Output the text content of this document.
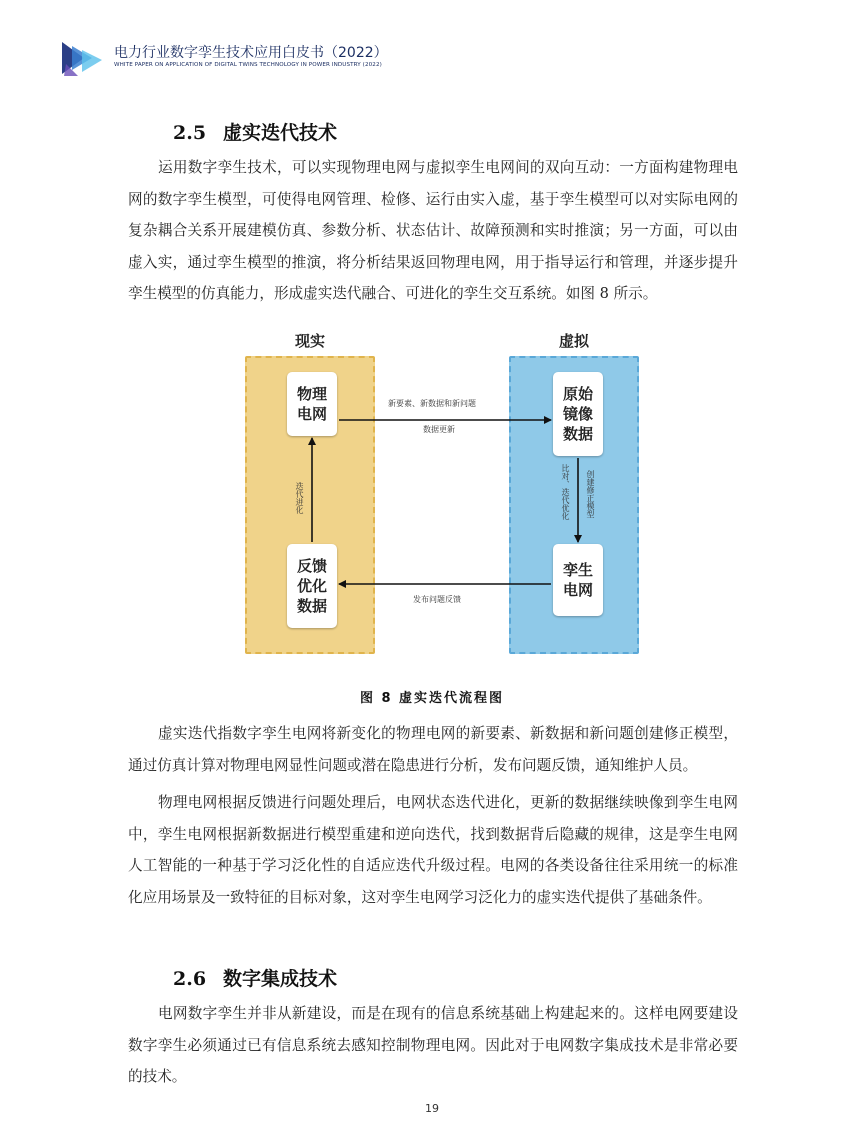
电力行业数字孪生技术应用白皮书（2022）
WHITE PAPER ON APPLICATION OF DIGITAL TWINS TECHNOLOGY IN POWER INDUSTRY (2022)
2.5 虚实迭代技术

运用数字孪生技术，可以实现物理电网与虚拟孪生电网间的双向互动：一方面构建物理电网的数字孪生模型，可使得电网管理、检修、运行由实入虚，基于孪生模型可以对实际电网的复杂耦合关系开展建模仿真、参数分析、状态估计、故障预测和实时推演；另一方面，可以由虚入实，通过孪生模型的推演，将分析结果返回物理电网，用于指导运行和管理，并逐步提升孪生模型的仿真能力，形成虚实迭代融合、可进化的孪生交互系统。如图 8 所示。

现实	虚拟
物理电网
原始镜像数据
反馈优化数据
孪生电网
新要素、新数据和新问题
数据更新
发布问题反馈
迭代进化	比对、迭代优化 创建修正模型
图 8 虚实迭代流程图

虚实迭代指数字孪生电网将新变化的物理电网的新要素、新数据和新问题创建修正模型，通过仿真计算对物理电网显性问题或潜在隐患进行分析，发布问题反馈，通知维护人员。

物理电网根据反馈进行问题处理后，电网状态迭代进化，更新的数据继续映像到孪生电网中，孪生电网根据新数据进行模型重建和逆向迭代，找到数据背后隐藏的规律，这是孪生电网人工智能的一种基于学习泛化性的自适应迭代升级过程。电网的各类设备往往采用统一的标准化应用场景及一致特征的目标对象，这对孪生电网学习泛化力的虚实迭代提供了基础条件。

2.6 数字集成技术

电网数字孪生并非从新建设，而是在现有的信息系统基础上构建起来的。这样电网要建设数字孪生必须通过已有信息系统去感知控制物理电网。因此对于电网数字集成技术是非常必要的技术。

19
